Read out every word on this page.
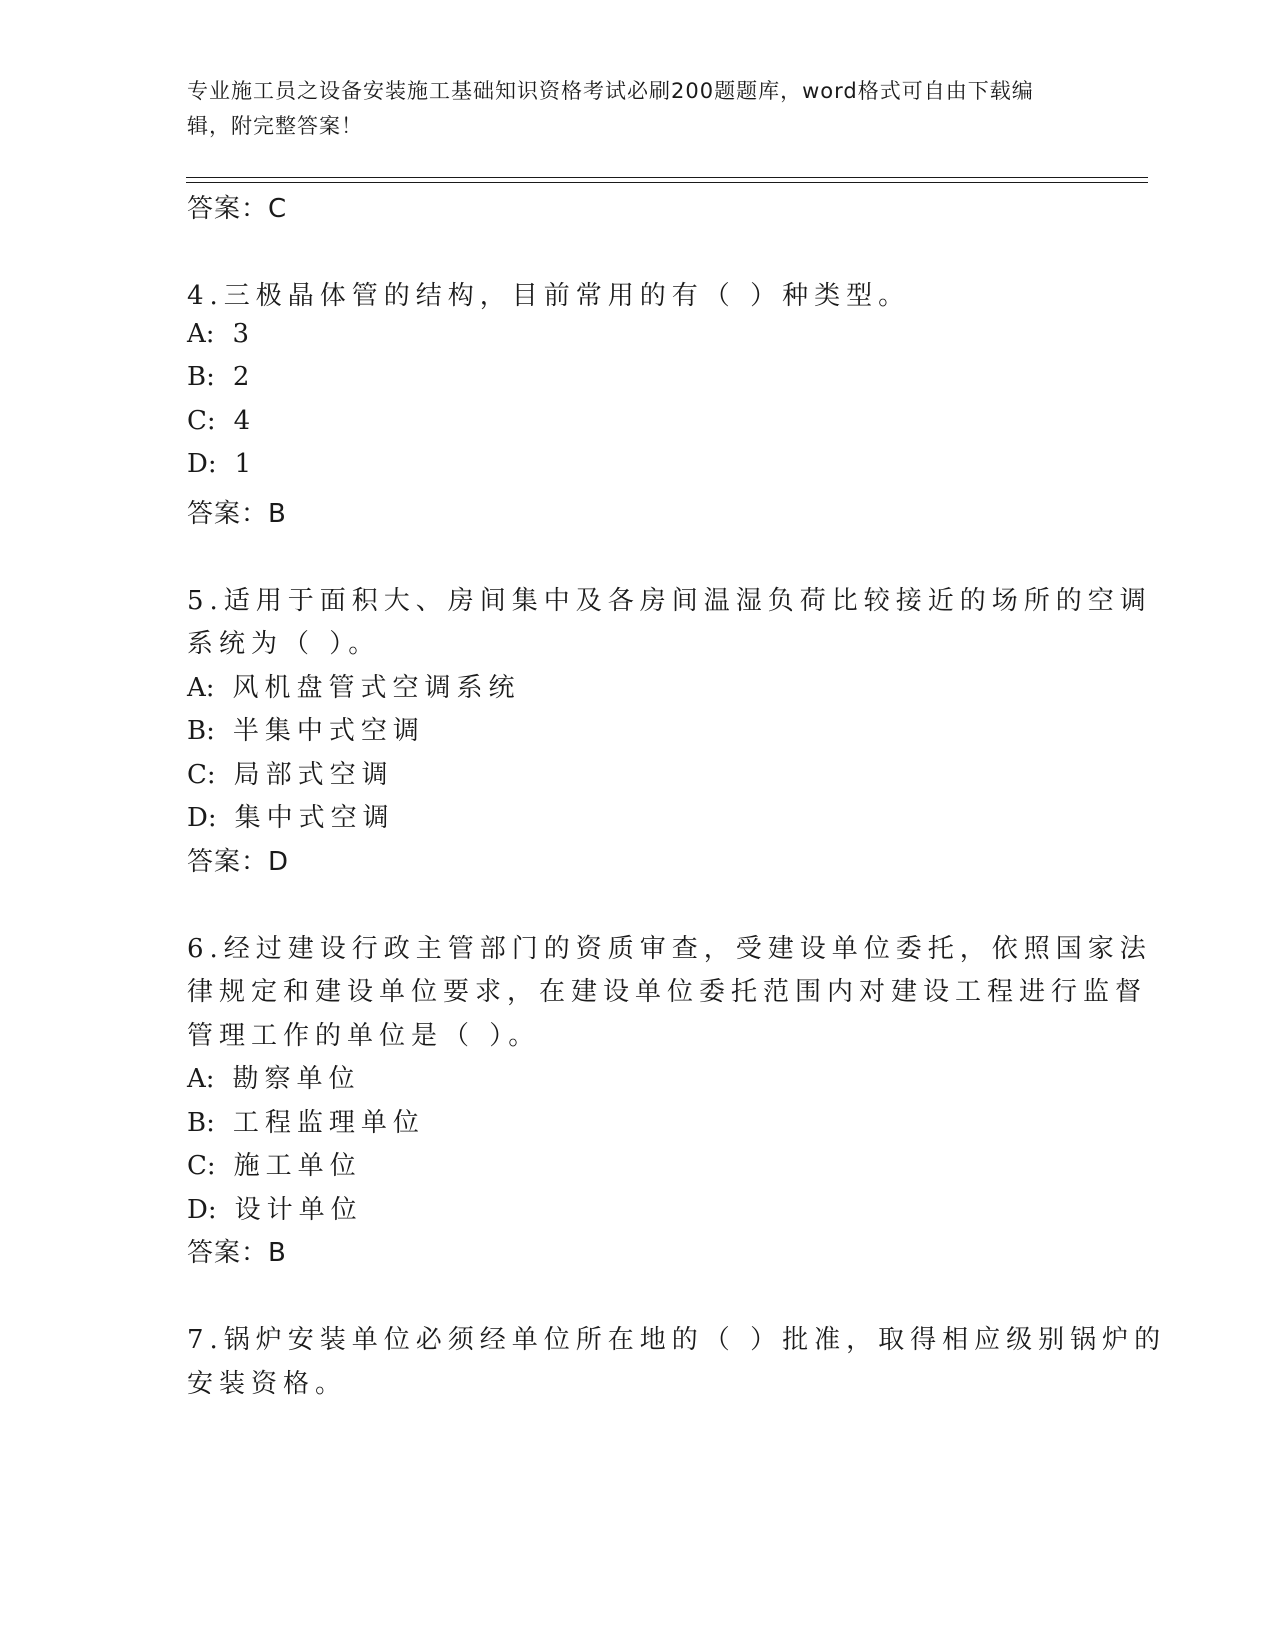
专业施工员之设备安装施工基础知识资格考试必刷200题题库，word格式可自由下载编辑，附完整答案！
答案：C
4.三极晶体管的结构，目前常用的有（ ）种类型。
A: 3
B: 2
C: 4
D: 1
答案：B
5.适用于面积大、房间集中及各房间温湿负荷比较接近的场所的空调
系统为（ ）。
A: 风机盘管式空调系统
B: 半集中式空调
C: 局部式空调
D: 集中式空调
答案：D
6.经过建设行政主管部门的资质审查，受建设单位委托，依照国家法
律规定和建设单位要求，在建设单位委托范围内对建设工程进行监督
管理工作的单位是（ ）。
A: 勘察单位
B: 工程监理单位
C: 施工单位
D: 设计单位
答案：B
7.锅炉安装单位必须经单位所在地的（ ）批准，取得相应级别锅炉的
安装资格。
